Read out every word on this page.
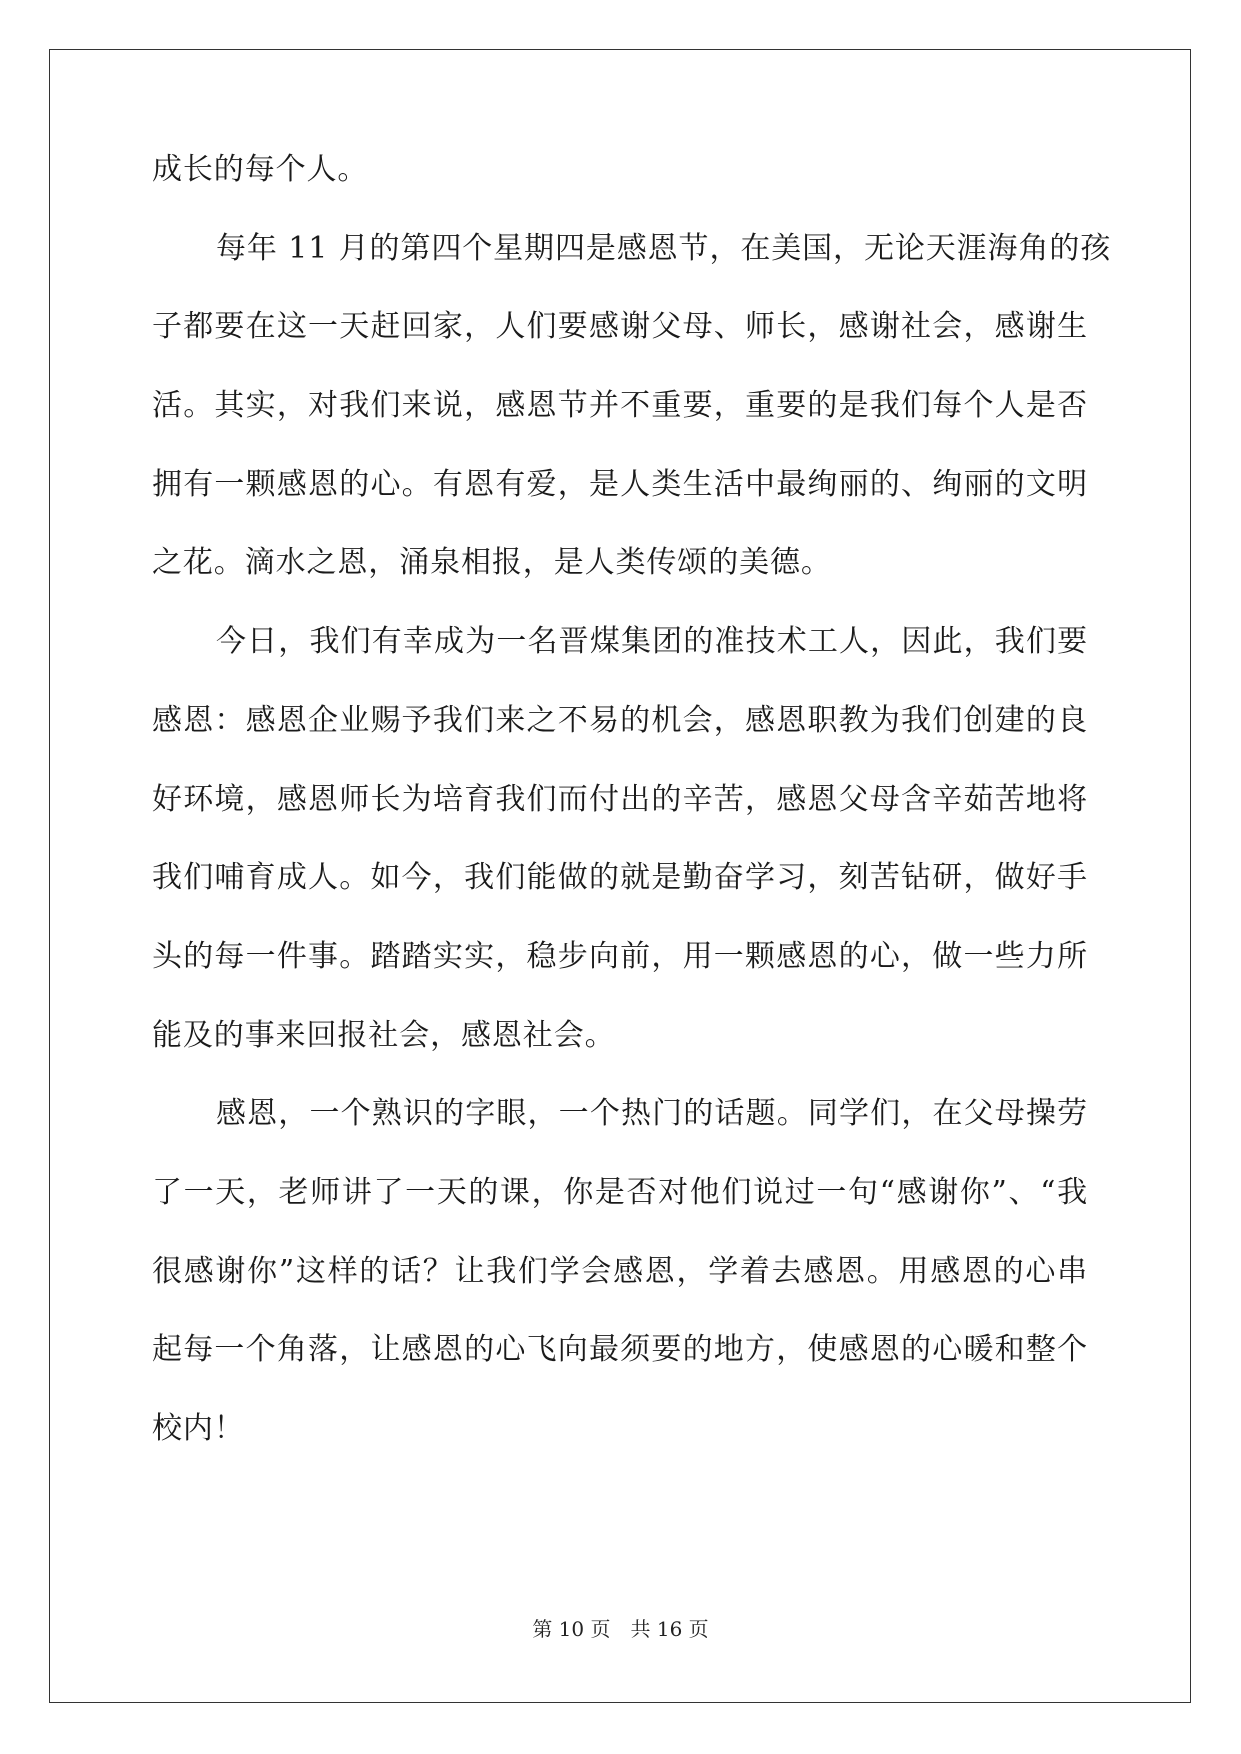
成长的每个人。
每年 11 月的第四个星期四是感恩节，在美国，无论天涯海角的孩
子都要在这一天赶回家，人们要感谢父母、师长，感谢社会，感谢生
活。其实，对我们来说，感恩节并不重要，重要的是我们每个人是否
拥有一颗感恩的心。有恩有爱，是人类生活中最绚丽的、绚丽的文明
之花。滴水之恩，涌泉相报，是人类传颂的美德。
今日，我们有幸成为一名晋煤集团的准技术工人，因此，我们要
感恩：感恩企业赐予我们来之不易的机会，感恩职教为我们创建的良
好环境，感恩师长为培育我们而付出的辛苦，感恩父母含辛茹苦地将
我们哺育成人。如今，我们能做的就是勤奋学习，刻苦钻研，做好手
头的每一件事。踏踏实实，稳步向前，用一颗感恩的心，做一些力所
能及的事来回报社会，感恩社会。
感恩，一个熟识的字眼，一个热门的话题。同学们，在父母操劳
了一天，老师讲了一天的课，你是否对他们说过一句“感谢你”、“我
很感谢你”这样的话？让我们学会感恩，学着去感恩。用感恩的心串
起每一个角落，让感恩的心飞向最须要的地方，使感恩的心暖和整个
校内！
第 10 页 共 16 页
